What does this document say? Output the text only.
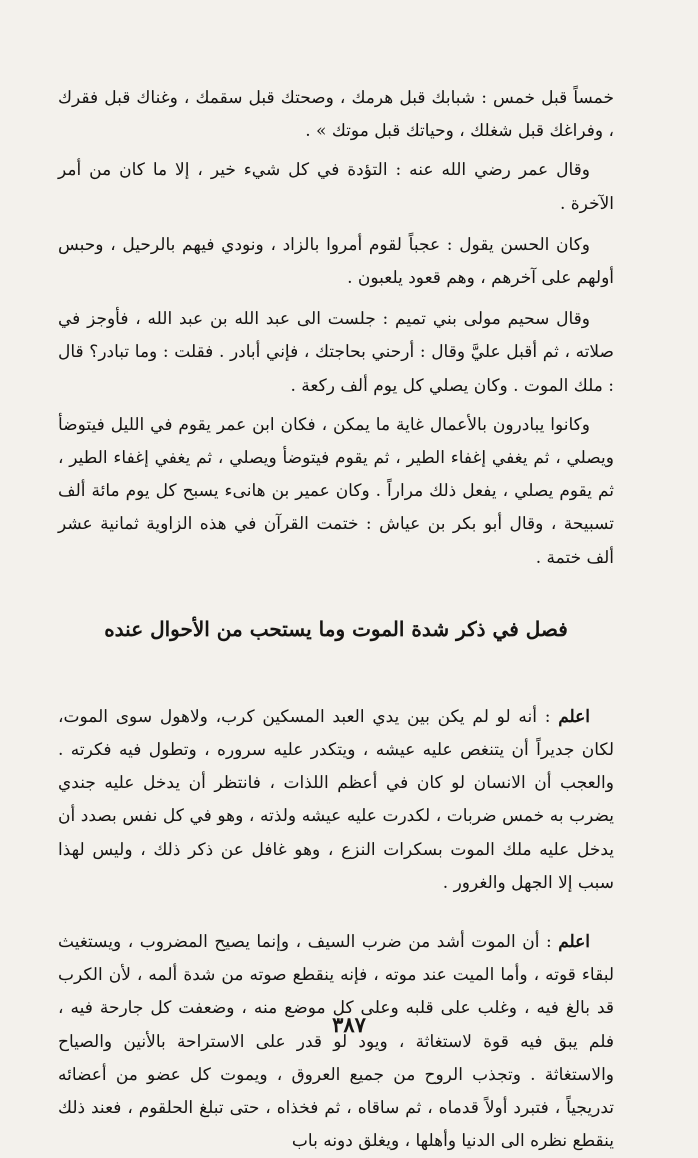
خمساً قبل خمس : شبابك قبل هرمك ، وصحتك قبل سقمك ، وغناك قبل فقرك ، وفراغك قبل شغلك ، وحياتك قبل موتك » .

وقال عمر رضي الله عنه : التؤدة في كل شيء خير ، إلا ما كان من أمر الآخرة .

وكان الحسن يقول : عجباً لقوم أمروا بالزاد ، ونودي فيهم بالرحيل ، وحبس أولهم على آخرهم ، وهم قعود يلعبون .

وقال سحيم مولى بني تميم : جلست الى عبد الله بن عبد الله ، فأوجز في صلاته ، ثم أقبل عليَّ وقال : أرحني بحاجتك ، فإني أبادر . فقلت : وما تبادر؟ قال : ملك الموت . وكان يصلي كل يوم ألف ركعة .

وكانوا يبادرون بالأعمال غاية ما يمكن ، فكان ابن عمر يقوم في الليل فيتوضأ ويصلي ، ثم يغفي إغفاء الطير ، ثم يقوم فيتوضأ ويصلي ، ثم يغفي إغفاء الطير ، ثم يقوم يصلي ، يفعل ذلك مراراً . وكان عمير بن هانىء يسبح كل يوم مائة ألف تسبيحة ، وقال أبو بكر بن عياش : ختمت القرآن في هذه الزاوية ثمانية عشر ألف ختمة .

فصل في ذكر شدة الموت وما يستحب من الأحوال عنده

اعلم : أنه لو لم يكن بين يدي العبد المسكين كرب، ولاهول سوى الموت، لكان جديراً أن يتنغص عليه عيشه ، ويتكدر عليه سروره ، وتطول فيه فكرته . والعجب أن الانسان لو كان في أعظم اللذات ، فانتظر أن يدخل عليه جندي يضرب به خمس ضربات ، لكدرت عليه عيشه ولذته ، وهو في كل نفس بصدد أن يدخل عليه ملك الموت بسكرات النزع ، وهو غافل عن ذكر ذلك ، وليس لهذا سبب إلا الجهل والغرور .

اعلم : أن الموت أشد من ضرب السيف ، وإنما يصيح المضروب ، ويستغيث لبقاء قوته ، وأما الميت عند موته ، فإنه ينقطع صوته من شدة ألمه ، لأن الكرب قد بالغ فيه ، وغلب على قلبه وعلى كل موضع منه ، وضعفت كل جارحة فيه ، فلم يبق فيه قوة لاستغاثة ، ويود لو قدر على الاستراحة بالأنين والصياح والاستغاثة . وتجذب الروح من جميع العروق ، ويموت كل عضو من أعضائه تدريجياً ، فتبرد أولاً قدماه ، ثم ساقاه ، ثم فخذاه ، حتى تبلغ الحلقوم ، فعند ذلك ينقطع نظره الى الدنيا وأهلها ، ويغلق دونه باب

٣٨٧
